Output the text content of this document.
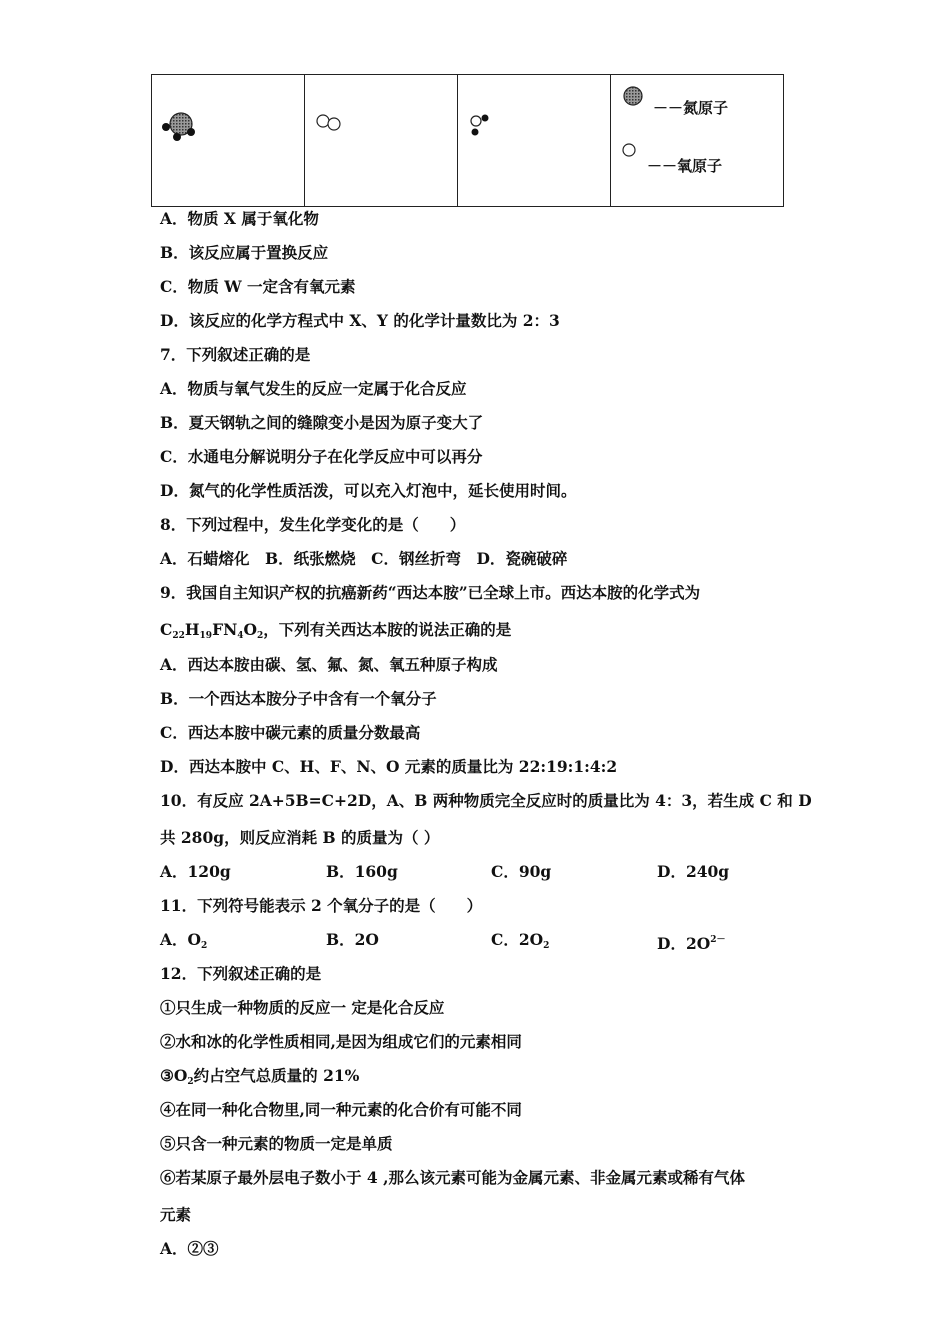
－－氮原子
－－氧原子
A．物质 X 属于氧化物
B．该反应属于置换反应
C．物质 W 一定含有氧元素
D．该反应的化学方程式中 X、Y 的化学计量数比为 2：3
7．下列叙述正确的是
A．物质与氧气发生的反应一定属于化合反应
B．夏天钢轨之间的缝隙变小是因为原子变大了
C．水通电分解说明分子在化学反应中可以再分
D．氮气的化学性质活泼，可以充入灯泡中，延长使用时间。
8．下列过程中，发生化学变化的是（　　）
A．石蜡熔化　B．纸张燃烧　C．钢丝折弯　D．瓷碗破碎
9．我国自主知识产权的抗癌新药“西达本胺”已全球上市。西达本胺的化学式为
$C_{22}H_{19}FN_4O_2$，下列有关西达本胺的说法正确的是
A．西达本胺由碳、氢、氟、氮、氧五种原子构成
B．一个西达本胺分子中含有一个氧分子
C．西达本胺中碳元素的质量分数最高
D．西达本胺中 C、H、F、N、O 元素的质量比为 22:19:1:4:2
10．有反应 2A+5B=C+2D，A、B 两种物质完全反应时的质量比为 4：3，若生成 C 和 D
共 280g，则反应消耗 B 的质量为（ ）
A．120g	B．160g	C．90g	D．240g
11．下列符号能表示 2 个氧分子的是（　　）
A．$O_2$	B．2O	C．$2O_2$	D．$2O^{2-}$
12．下列叙述正确的是
①只生成一种物质的反应一 定是化合反应
②水和冰的化学性质相同,是因为组成它们的元素相同
$③O_2$约占空气总质量的 21%
④在同一种化合物里,同一种元素的化合价有可能不同
⑤只含一种元素的物质一定是单质
⑥若某原子最外层电子数小于 4 ,那么该元素可能为金属元素、非金属元素或稀有气体
元素
A．②③
